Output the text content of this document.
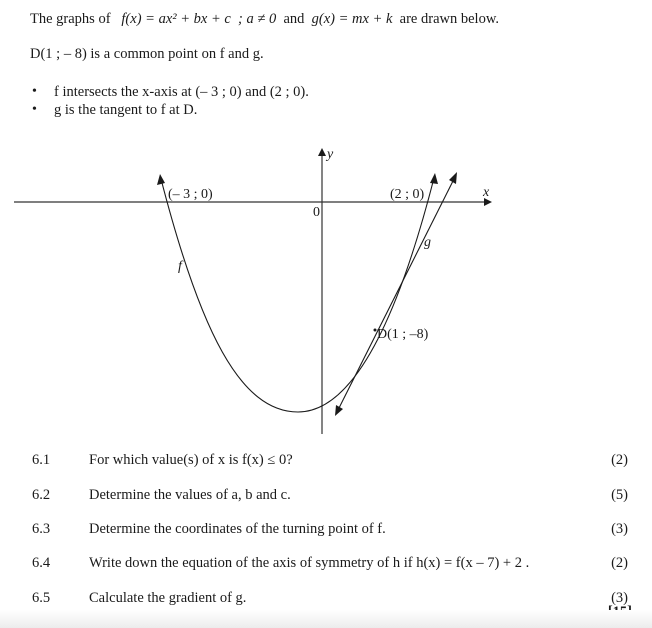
The graphs of f(x) = ax² + bx + c ; a ≠ 0 and g(x) = mx + k are drawn below.
D(1 ; – 8) is a common point on f and g.
• f intersects the x-axis at (– 3 ; 0) and (2 ; 0).
• g is the tangent to f at D.
y
x
0
(– 3 ; 0)	(2 ; 0)
D(1 ; –8)
f
g
6.1	For which value(s) of x is f(x) ≤ 0?	(2)
6.2	Determine the values of a, b and c.	(5)
6.3	Determine the coordinates of the turning point of f.	(3)
6.4	Write down the equation of the axis of symmetry of h if h(x) = f(x – 7) + 2 .	(2)
6.5	Calculate the gradient of g.	(3)
